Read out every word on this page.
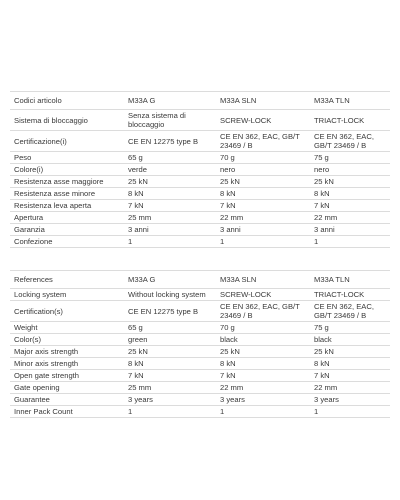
Codici articolo	M33A G	M33A SLN	M33A TLN
Sistema di bloccaggio	Senza sistema di bloccaggio	SCREW-LOCK	TRIACT-LOCK
Certificazione(i)	CE EN 12275 type B	CE EN 362, EAC, GB/T 23469 / B	CE EN 362, EAC, GB/T 23469 / B
Peso	65 g	70 g	75 g
Colore(i)	verde	nero	nero
Resistenza asse maggiore	25 kN	25 kN	25 kN
Resistenza asse minore	8 kN	8 kN	8 kN
Resistenza leva aperta	7 kN	7 kN	7 kN
Apertura	25 mm	22 mm	22 mm
Garanzia	3 anni	3 anni	3 anni
Confezione	1	1	1
References	M33A G	M33A SLN	M33A TLN
Locking system	Without locking system	SCREW-LOCK	TRIACT-LOCK
Certification(s)	CE EN 12275 type B	CE EN 362, EAC, GB/T 23469 / B	CE EN 362, EAC, GB/T 23469 / B
Weight	65 g	70 g	75 g
Color(s)	green	black	black
Major axis strength	25 kN	25 kN	25 kN
Minor axis strength	8 kN	8 kN	8 kN
Open gate strength	7 kN	7 kN	7 kN
Gate opening	25 mm	22 mm	22 mm
Guarantee	3 years	3 years	3 years
Inner Pack Count	1	1	1
